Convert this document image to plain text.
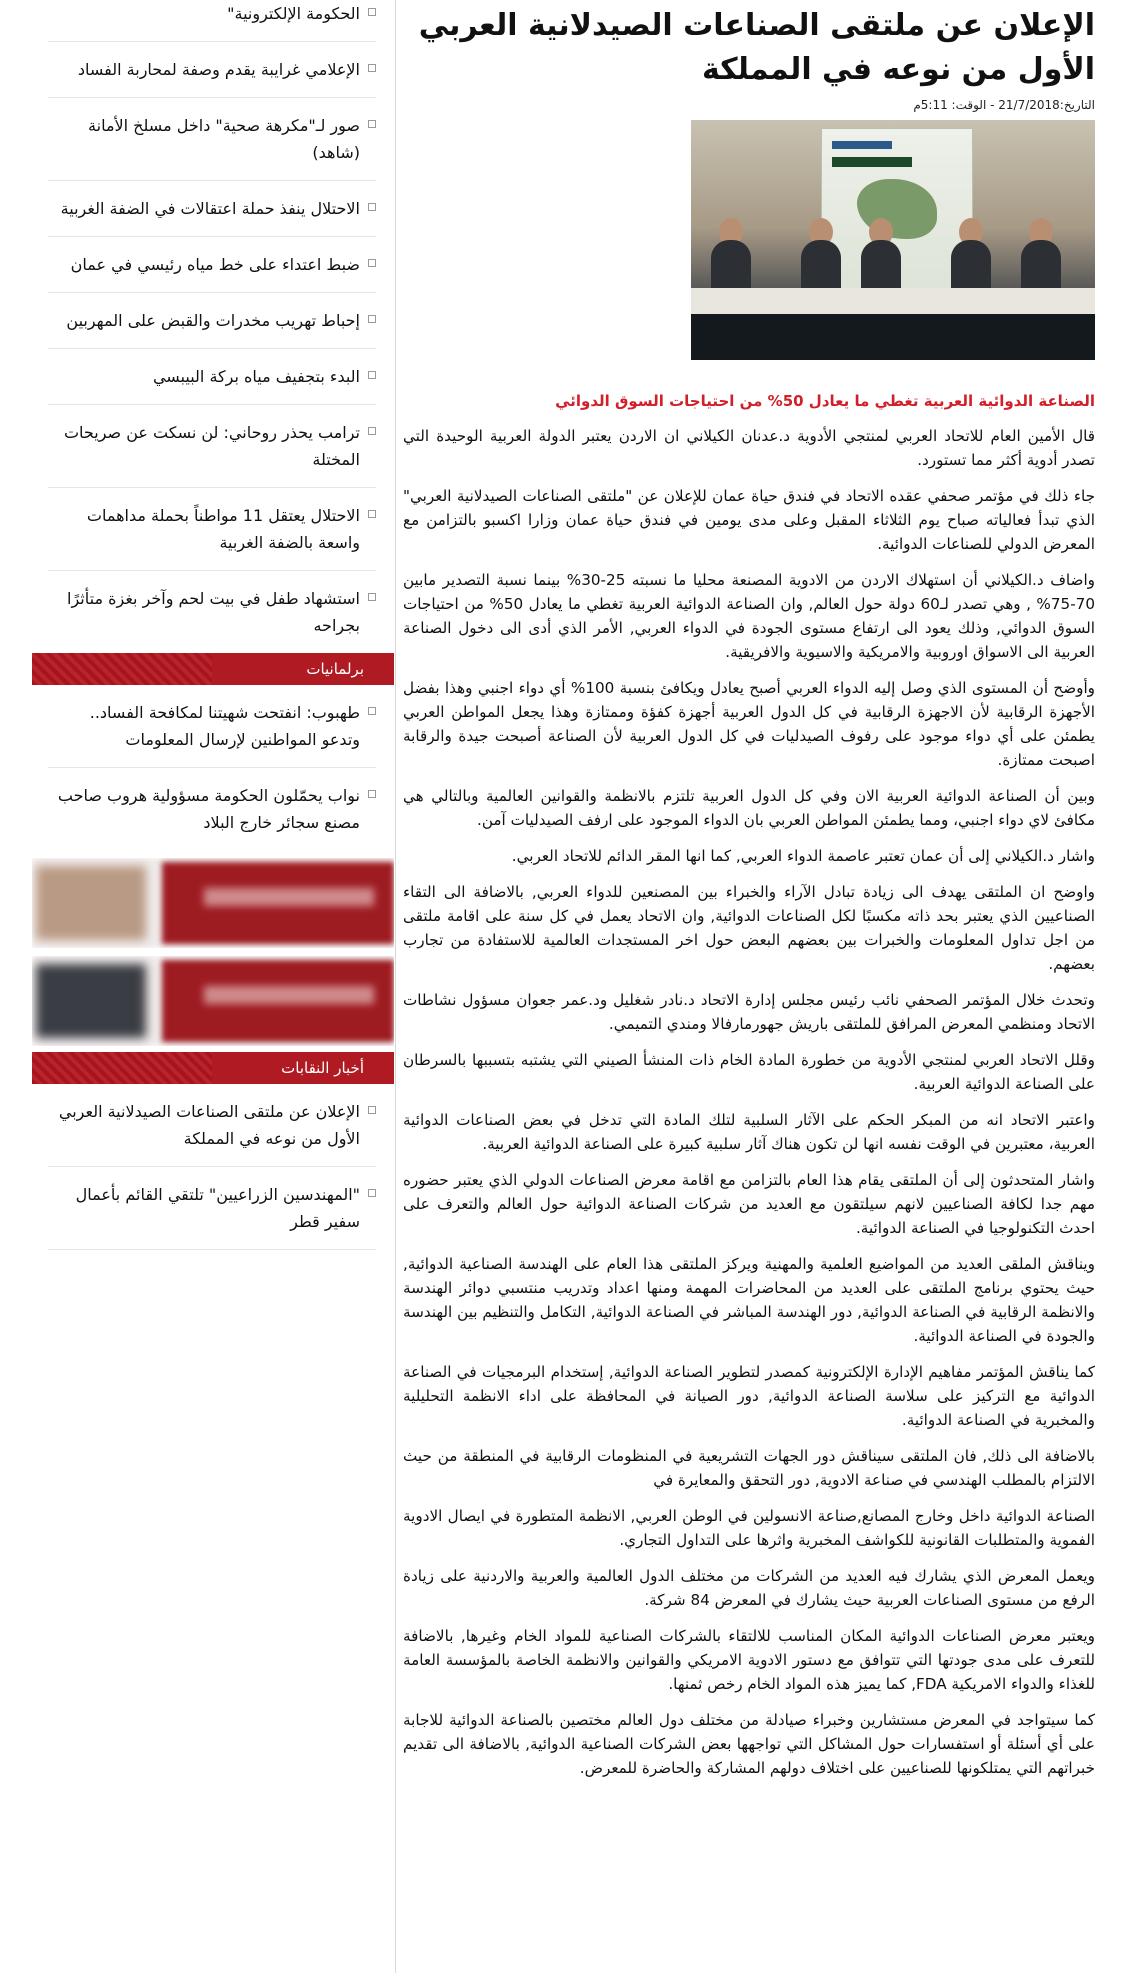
الإعلان عن ملتقى الصناعات الصيدلانية العربي الأول من نوعه في المملكة
التاريخ:21/7/2018 - الوقت: 5:11م
الصناعة الدوائية العربية تغطي ما يعادل 50% من احتياجات السوق الدوائي

قال الأمين العام للاتحاد العربي لمنتجي الأدوية د.عدنان الكيلاني ان الاردن يعتبر الدولة العربية الوحيدة التي تصدر أدوية أكثر مما تستورد.

جاء ذلك في مؤتمر صحفي عقده الاتحاد في فندق حياة عمان للإعلان عن "ملتقى الصناعات الصيدلانية العربي" الذي تبدأ فعالياته صباح يوم الثلاثاء المقبل وعلى مدى يومين في فندق حياة عمان وزارا اكسبو بالتزامن مع المعرض الدولي للصناعات الدوائية.

واضاف د.الكيلاني أن استهلاك الاردن من الادوية المصنعة محليا ما نسبته 25-30% بينما نسبة التصدير مابين 70-75% , وهي تصدر لـ60 دولة حول العالم, وان الصناعة الدوائية العربية تغطي ما يعادل 50% من احتياجات السوق الدوائي, وذلك يعود الى ارتفاع مستوى الجودة في الدواء العربي, الأمر الذي أدى الى دخول الصناعة العربية الى الاسواق اوروبية والامريكية والاسيوية والافريقية.

وأوضح أن المستوى الذي وصل إليه الدواء العربي أصبح يعادل ويكافئ بنسبة 100% أي دواء اجنبي وهذا بفضل الأجهزة الرقابية لأن الاجهزة الرقابية في كل الدول العربية أجهزة كفؤة وممتازة وهذا يجعل المواطن العربي يطمئن على أي دواء موجود على رفوف الصيدليات في كل الدول العربية لأن الصناعة أصبحت جيدة والرقابة اصبحت ممتازة.

وبين أن الصناعة الدوائية العربية الان وفي كل الدول العربية تلتزم بالانظمة والقوانين العالمية وبالتالي هي مكافئ لاي دواء اجنبي، ومما يطمئن المواطن العربي بان الدواء الموجود على ارفف الصيدليات آمن.

واشار د.الكيلاني إلى أن عمان تعتبر عاصمة الدواء العربي, كما انها المقر الدائم للاتحاد العربي.

واوضح ان الملتقى يهدف الى زيادة تبادل الآراء والخبراء بين المصنعين للدواء العربي, بالاضافة الى التقاء الصناعيين الذي يعتبر بحد ذاته مكسبًا لكل الصناعات الدوائية, وان الاتحاد يعمل في كل سنة على اقامة ملتقى من اجل تداول المعلومات والخبرات بين بعضهم البعض حول اخر المستجدات العالمية للاستفادة من تجارب بعضهم.

وتحدث خلال المؤتمر الصحفي نائب رئيس مجلس إدارة الاتحاد د.نادر شغليل ود.عمر جعوان مسؤول نشاطات الاتحاد ومنظمي المعرض المرافق للملتقى باريش جهورمارفالا ومندي التميمي.

وقلل الاتحاد العربي لمنتجي الأدوية من خطورة المادة الخام ذات المنشأ الصيني التي يشتبه بتسببها بالسرطان على الصناعة الدوائية العربية.

واعتبر الاتحاد انه من المبكر الحكم على الآثار السلبية لتلك المادة التي تدخل في بعض الصناعات الدوائية العربية، معتبرين في الوقت نفسه انها لن تكون هناك آثار سلبية كبيرة على الصناعة الدوائية العربية.

واشار المتحدثون إلى أن الملتقى يقام هذا العام بالتزامن مع اقامة معرض الصناعات الدولي الذي يعتبر حضوره مهم جدا لكافة الصناعيين لانهم سيلتقون مع العديد من شركات الصناعة الدوائية حول العالم والتعرف على احدث التكنولوجيا في الصناعة الدوائية.

ويناقش الملقى العديد من المواضيع العلمية والمهنية ويركز الملتقى هذا العام على الهندسة الصناعية الدوائية, حيث يحتوي برنامج الملتقى على العديد من المحاضرات المهمة ومنها اعداد وتدريب منتسبي دوائر الهندسة والانظمة الرقابية في الصناعة الدوائية, دور الهندسة المباشر في الصناعة الدوائية, التكامل والتنظيم بين الهندسة والجودة في الصناعة الدوائية.

كما يناقش المؤتمر مفاهيم الإدارة الإلكترونية كمصدر لتطوير الصناعة الدوائية, إستخدام البرمجيات في الصناعة الدوائية مع التركيز على سلاسة الصناعة الدوائية, دور الصيانة في المحافظة على اداء الانظمة التحليلية والمخبرية في الصناعة الدوائية.

بالاضافة الى ذلك, فان الملتقى سيناقش دور الجهات التشريعية في المنظومات الرقابية في المنطقة من حيث الالتزام بالمطلب الهندسي في صناعة الادوية, دور التحقق والمعايرة في

الصناعة الدوائية داخل وخارج المصانع,صناعة الانسولين في الوطن العربي, الانظمة المتطورة في ايصال الادوية الفموية والمتطلبات القانونية للكواشف المخبرية واثرها على التداول التجاري.

ويعمل المعرض الذي يشارك فيه العديد من الشركات من مختلف الدول العالمية والعربية والاردنية على زيادة الرفع من مستوى الصناعات العربية حيث يشارك في المعرض 84 شركة.

ويعتبر معرض الصناعات الدوائية المكان المناسب للالتقاء بالشركات الصناعية للمواد الخام وغيرها, بالاضافة للتعرف على مدى جودتها التي تتوافق مع دستور الادوية الامريكي والقوانين والانظمة الخاصة بالمؤسسة العامة للغذاء والدواء الامريكية FDA, كما يميز هذه المواد الخام رخص ثمنها.

كما سيتواجد في المعرض مستشارين وخبراء صيادلة من مختلف دول العالم مختصين بالصناعة الدوائية للاجابة على أي أسئلة أو استفسارات حول المشاكل التي تواجهها بعض الشركات الصناعية الدوائية, بالاضافة الى تقديم خبراتهم التي يمتلكونها للصناعيين على اختلاف دولهم المشاركة والحاضرة للمعرض.

الحكومة الإلكترونية"
الإعلامي غرايبة يقدم وصفة لمحاربة الفساد
صور لـ"مكرهة صحية" داخل مسلخ الأمانة (شاهد)
الاحتلال ينفذ حملة اعتقالات في الضفة الغربية
ضبط اعتداء على خط مياه رئيسي في عمان
إحباط تهريب مخدرات والقبض على المهربين
البدء بتجفيف مياه بركة البيبسي
ترامب يحذر روحاني: لن نسكت عن صريحات المختلة
الاحتلال يعتقل 11 مواطناً بحملة مداهمات واسعة بالضفة الغربية
استشهاد طفل في بيت لحم وآخر بغزة متأثرًا بجراحه
برلمانيات
طهبوب: انفتحت شهيتنا لمكافحة الفساد.. وتدعو المواطنين لإرسال المعلومات
نواب يحمّلون الحكومة مسؤولية هروب صاحب مصنع سجائر خارج البلاد
أخبار النقابات
الإعلان عن ملتقى الصناعات الصيدلانية العربي الأول من نوعه في المملكة
"المهندسين الزراعيين" تلتقي القائم بأعمال سفير قطر
